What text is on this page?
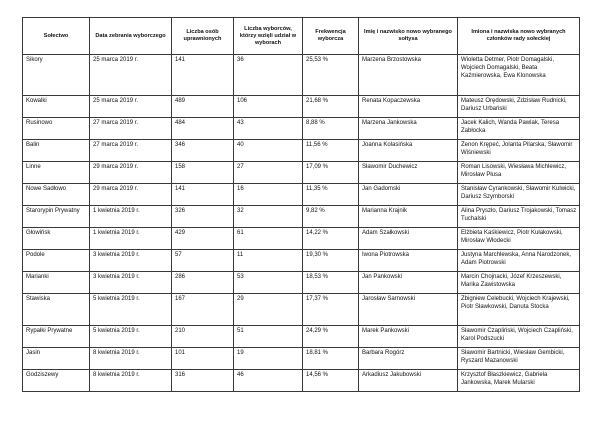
Sołectwo	Data zebrania wyborczego	Liczba osób uprawnionych	Liczba wyborców, którzy wzięli udział w wyborach	Frekwencja wyborcza	Imię i nazwisko nowo wybranego sołtysa	Imiona i nazwiska nowo wybranych członków rady sołeckiej
Sikory	25 marca 2019 r.	141	36	25,53 %	Marzena Brzostowska	Wioletta Detmer, Piotr Domagalski, Wojciech Domagalski, Beata Kaźmierowska, Ewa Klonowska
Kowalki	25 marca 2019 r.	489	106	21,68 %	Renata Kopaczewska	Mateusz Orędowski, Zdzisław Rudnicki, Dariusz Urbański
Rusinowo	27 marca 2019 r.	484	43	8,88 %	Marzena Jankowska	Jacek Kalich, Wanda Pawlak, Teresa Zabłocka
Balin	27 marca 2019 r.	346	40	11,56 %	Joanna Kolasińska	Zenon Krępeć, Jolanta Pilarska, Sławomir Wiśniewski
Linne	29 marca 2019 r.	158	27	17,09 %	Sławomir Duchewicz	Roman Lisowski, Wiesława Michlewicz, Mirosław Płusa
Nowe Sadłowo	29 marca 2019 r.	141	16	11,35 %	Jan Gadomski	Stanisław Cyrankowski, Sławomir Kulwicki, Dariusz Szymborski
Starorypin Prywatny	1 kwietnia 2019 r.	326	32	9,82 %	Marianna Krajnik	Alina Pryszło, Dariusz Trojakowski, Tomasz Tuchalski
Głowińsk	1 kwietnia 2019 r.	429	61	14,22 %	Adam Szałkowski	Elżbieta Kaśkiewicz, Piotr Kułakowski, Mirosław Włodecki
Podole	3 kwietnia 2019 r.	57	11	19,30 %	Iwona Piotrowska	Justyna Marchlewska, Anna Narodzonek, Adam Piotrowski
Marianki	3 kwietnia 2019 r.	286	53	18,53 %	Jan Pankowski	Marcin Chojnacki, Józef Krzeszewski, Marika Zawistowska
Stawiska	5 kwietnia 2019 r.	167	29	17,37 %	Jarosław Sarnowski	Zbigniew Celebucki, Wojciech Krajewski, Piotr Sławkowski, Danuta Stocka
Rypałki Prywatne	5 kwietnia 2019 r.	210	51	24,29 %	Marek Pankowski	Sławomir Czapliński, Wojciech Czapliński, Karol Podszucki
Jasin	8 kwietnia 2019 r.	101	19	18,81 %	Barbara Rogórz	Sławomir Bartnicki, Wiesław Gembicki, Ryszard Mazanowski
Godziszewy	8 kwietnia 2019 r.	316	46	14,56 %	Arkadiusz Jakubowski	Krzysztof Błaszkiewicz, Gabriela Jankowska, Marek Mularski
